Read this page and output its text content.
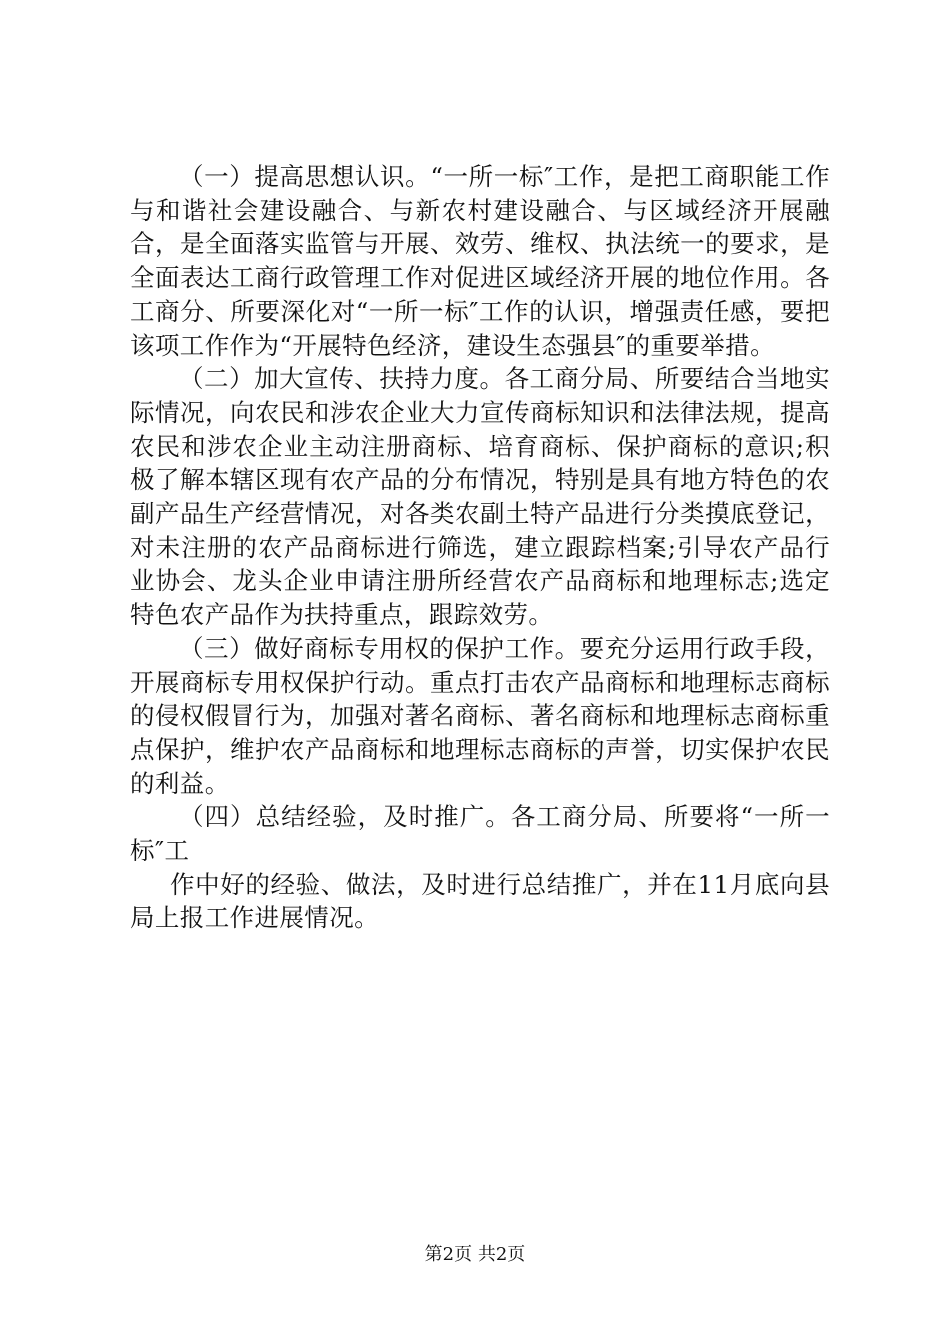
（一）提高思想认识。“一所一标″工作，是把工商职能工作与和谐社会建设融合、与新农村建设融合、与区域经济开展融合，是全面落实监管与开展、效劳、维权、执法统一的要求，是全面表达工商行政管理工作对促进区域经济开展的地位作用。各工商分、所要深化对“一所一标″工作的认识，增强责任感，要把该项工作作为“开展特色经济，建设生态强县″的重要举措。

（二）加大宣传、扶持力度。各工商分局、所要结合当地实际情况，向农民和涉农企业大力宣传商标知识和法律法规，提高农民和涉农企业主动注册商标、培育商标、保护商标的意识;积极了解本辖区现有农产品的分布情况，特别是具有地方特色的农副产品生产经营情况，对各类农副土特产品进行分类摸底登记，对未注册的农产品商标进行筛选，建立跟踪档案;引导农产品行业协会、龙头企业申请注册所经营农产品商标和地理标志;选定特色农产品作为扶持重点，跟踪效劳。

（三）做好商标专用权的保护工作。要充分运用行政手段，开展商标专用权保护行动。重点打击农产品商标和地理标志商标的侵权假冒行为，加强对著名商标、著名商标和地理标志商标重点保护，维护农产品商标和地理标志商标的声誉，切实保护农民的利益。

（四）总结经验，及时推广。各工商分局、所要将“一所一标″工

作中好的经验、做法，及时进行总结推广，并在11月底向县局上报工作进展情况。

第2页 共2页
